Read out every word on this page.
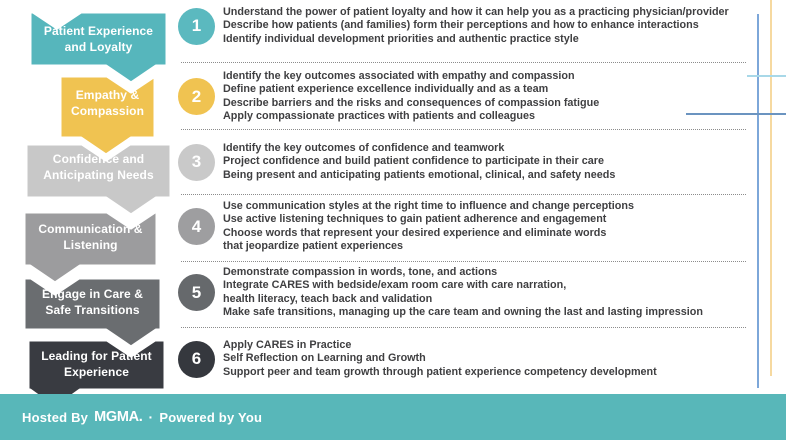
Patient Experience
and Loyalty
Empathy &
Compassion
Confidence and
Anticipating Needs
Communication &
Listening
Engage in Care &
Safe Transitions
Leading for Patient
Experience
1
Understand the power of patient loyalty and how it can help you as a practicing physician/provider
Describe how patients (and families) form their perceptions and how to enhance interactions
Identify individual development priorities and authentic practice style
2
Identify the key outcomes associated with empathy and compassion
Define patient experience excellence individually and as a team
Describe barriers and the risks and consequences of compassion fatigue
Apply compassionate practices with patients and colleagues
3
Identify the key outcomes of confidence and teamwork
Project confidence and build patient confidence to participate in their care
Being present and anticipating patients emotional, clinical, and safety needs
4
Use communication styles at the right time to influence and change perceptions
Use active listening techniques to gain patient adherence and engagement
Choose words that represent your desired experience and eliminate words
that jeopardize patient experiences
5
Demonstrate compassion in words, tone, and actions
Integrate CARES with bedside/exam room care with care narration,
health literacy, teach back and validation
Make safe transitions, managing up the care team and owning the last and lasting impression
6
Apply CARES in Practice
Self Reflection on Learning and Growth
Support peer and team growth through patient experience competency development
Hosted By MGMA. · Powered by You
